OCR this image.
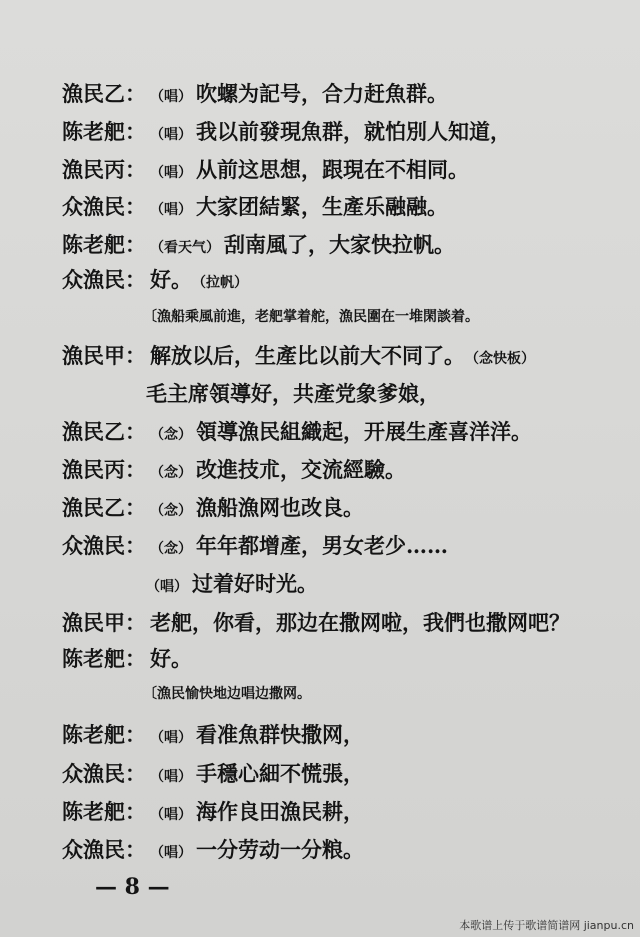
漁民乙 ： （唱） 吹螺为記号，合力赶魚群。
陈老舥 ： （唱） 我以前發現魚群，就怕別人知道，
漁民丙 ： （唱） 从前这思想，跟現在不相同。
众漁民 ： （唱） 大家团結緊，生產乐融融。
陈老舥 ： （看天气） 刮南風了，大家快拉帆。
众漁民 ： 好。 （拉帆）
〔漁船乘風前進，老舥掌着舵，漁民圍在一堆閑談着。
漁民甲 ： 解放以后，生產比以前大不同了。 （念快板）
毛主席領導好，共產党象爹娘，
漁民乙 ： （念） 領導漁民組織起，开展生產喜洋洋。
漁民丙 ： （念） 改進技朮，交流經驗。
漁民乙 ： （念） 漁船漁网也改良。
众漁民 ： （念） 年年都增產，男女老少……
（唱） 过着好时光。
漁民甲 ： 老舥，你看，那边在撒网啦，我們也撒网吧？
陈老舥 ： 好。
〔漁民愉快地边唱边撒网。
陈老舥 ： （唱） 看准魚群快撒网，
众漁民 ： （唱） 手穩心細不慌張，
陈老舥 ： （唱） 海作良田漁民耕，
众漁民 ： （唱） 一分劳动一分粮。
— 8 —
本歌谱上传于歌谱简谱网 jianpu.cn
